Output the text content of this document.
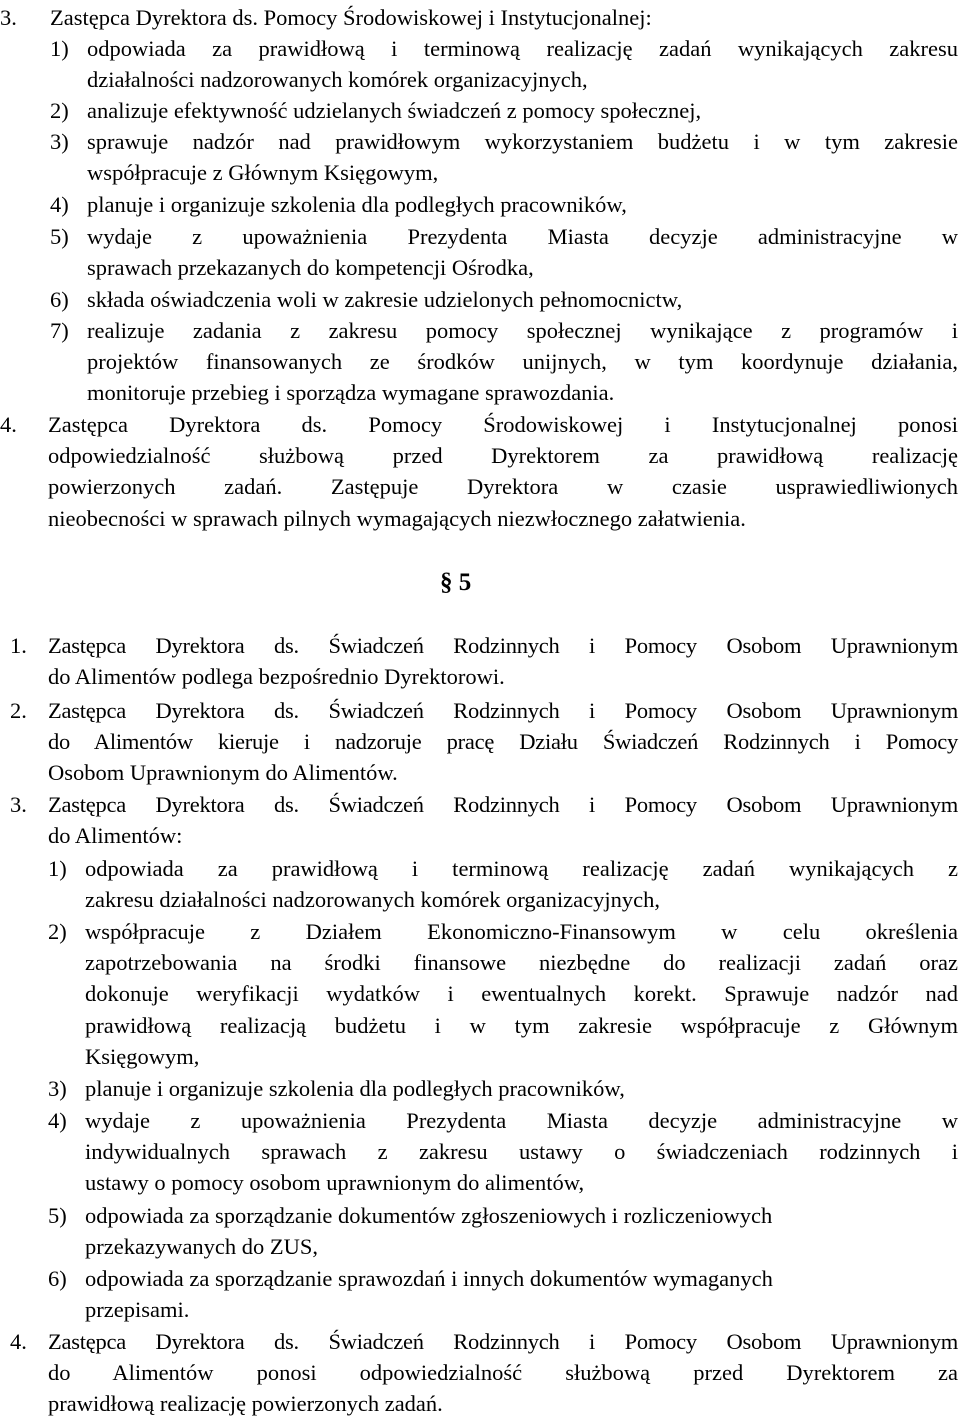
3. Zastępca Dyrektora ds. Pomocy Środowiskowej i Instytucjonalnej:
1) odpowiada za prawidłową i terminową realizację zadań wynikających zakresu
działalności nadzorowanych komórek organizacyjnych,
2) analizuje efektywność udzielanych świadczeń z pomocy społecznej,
3) sprawuje nadzór nad prawidłowym wykorzystaniem budżetu i w tym zakresie
współpracuje z Głównym Księgowym,
4) planuje i organizuje szkolenia dla podległych pracowników,
5) wydaje z upoważnienia Prezydenta Miasta decyzje administracyjne w
sprawach przekazanych do kompetencji Ośrodka,
6) składa oświadczenia woli w zakresie udzielonych pełnomocnictw,
7) realizuje zadania z zakresu pomocy społecznej wynikające z programów i
projektów finansowanych ze środków unijnych, w tym koordynuje działania,
monitoruje przebieg i sporządza wymagane sprawozdania.
4. Zastępca Dyrektora ds. Pomocy Środowiskowej i Instytucjonalnej ponosi
odpowiedzialność służbową przed Dyrektorem za prawidłową realizację
powierzonych zadań. Zastępuje Dyrektora w czasie usprawiedliwionych
nieobecności w sprawach pilnych wymagających niezwłocznego załatwienia.
§ 5
1. Zastępca Dyrektora ds. Świadczeń Rodzinnych i Pomocy Osobom Uprawnionym
do Alimentów podlega bezpośrednio Dyrektorowi.
2. Zastępca Dyrektora ds. Świadczeń Rodzinnych i Pomocy Osobom Uprawnionym
do Alimentów kieruje i nadzoruje pracę Działu Świadczeń Rodzinnych i Pomocy
Osobom Uprawnionym do Alimentów.
3. Zastępca Dyrektora ds. Świadczeń Rodzinnych i Pomocy Osobom Uprawnionym
do Alimentów:
1) odpowiada za prawidłową i terminową realizację zadań wynikających z
zakresu działalności nadzorowanych komórek organizacyjnych,
2) współpracuje z Działem Ekonomiczno-Finansowym w celu określenia
zapotrzebowania na środki finansowe niezbędne do realizacji zadań oraz
dokonuje weryfikacji wydatków i ewentualnych korekt. Sprawuje nadzór nad
prawidłową realizacją budżetu i w tym zakresie współpracuje z Głównym
Księgowym,
3) planuje i organizuje szkolenia dla podległych pracowników,
4) wydaje z upoważnienia Prezydenta Miasta decyzje administracyjne w
indywidualnych sprawach z zakresu ustawy o świadczeniach rodzinnych i
ustawy o pomocy osobom uprawnionym do alimentów,
5) odpowiada za sporządzanie dokumentów zgłoszeniowych i rozliczeniowych
przekazywanych do ZUS,
6) odpowiada za sporządzanie sprawozdań i innych dokumentów wymaganych
przepisami.
4. Zastępca Dyrektora ds. Świadczeń Rodzinnych i Pomocy Osobom Uprawnionym
do Alimentów ponosi odpowiedzialność służbową przed Dyrektorem za
prawidłową realizację powierzonych zadań.
